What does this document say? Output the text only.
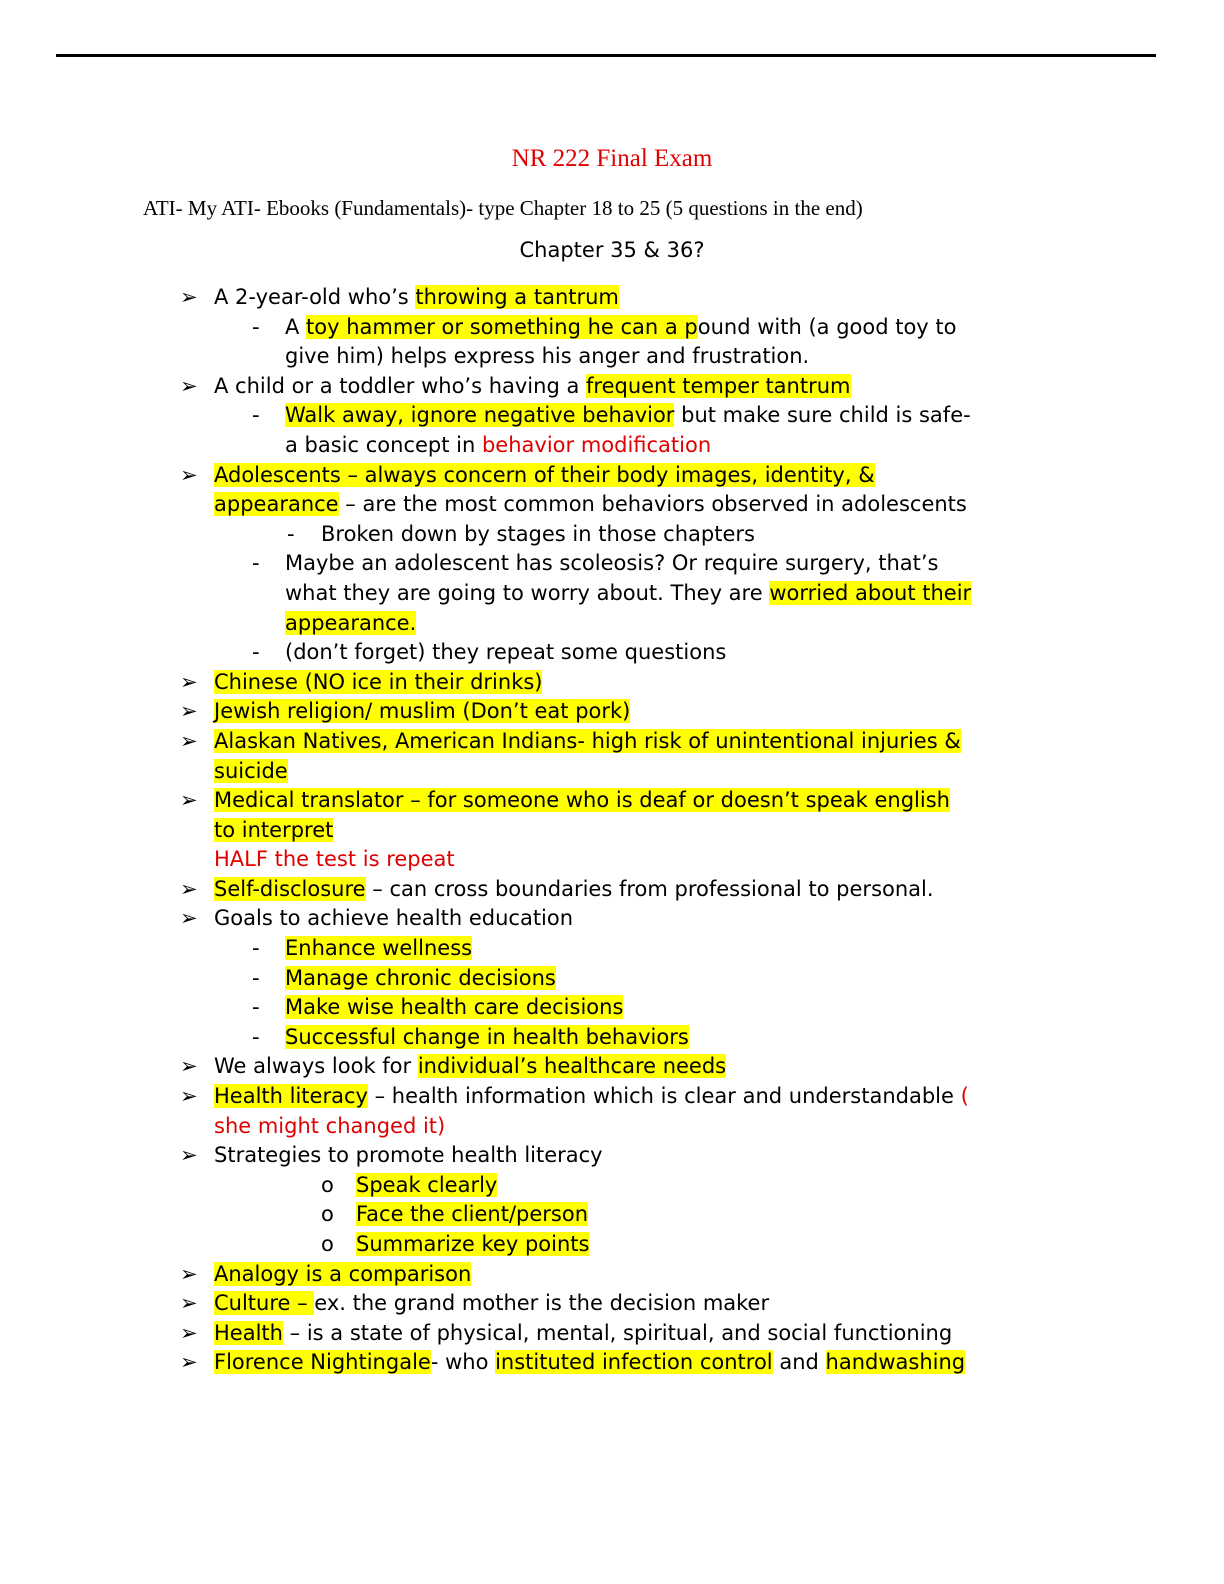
NR 222 Final Exam
ATI- My ATI- Ebooks (Fundamentals)- type Chapter 18 to 25 (5 questions in the end)
Chapter 35 & 36?
➢ A 2-year-old who’s throwing a tantrum
- A toy hammer or something he can a pound with (a good toy to
give him) helps express his anger and frustration.
➢ A child or a toddler who’s having a frequent temper tantrum
- Walk away, ignore negative behavior but make sure child is safe-
a basic concept in behavior modification
➢ Adolescents – always concern of their body images, identity, &
appearance – are the most common behaviors observed in adolescents
- Broken down by stages in those chapters
- Maybe an adolescent has scoleosis? Or require surgery, that’s
what they are going to worry about. They are worried about their
appearance.
- (don’t forget) they repeat some questions
➢ Chinese (NO ice in their drinks)
➢ Jewish religion/ muslim (Don’t eat pork)
➢ Alaskan Natives, American Indians- high risk of unintentional injuries &
suicide
➢ Medical translator – for someone who is deaf or doesn’t speak english
to interpret
HALF the test is repeat
➢ Self-disclosure – can cross boundaries from professional to personal.
➢ Goals to achieve health education
- Enhance wellness
- Manage chronic decisions
- Make wise health care decisions
- Successful change in health behaviors
➢ We always look for individual’s healthcare needs
➢ Health literacy – health information which is clear and understandable (
she might changed it)
➢ Strategies to promote health literacy
o Speak clearly
o Face the client/person
o Summarize key points
➢ Analogy is a comparison
➢ Culture – ex. the grand mother is the decision maker
➢ Health – is a state of physical, mental, spiritual, and social functioning
➢ Florence Nightingale- who instituted infection control and handwashing
